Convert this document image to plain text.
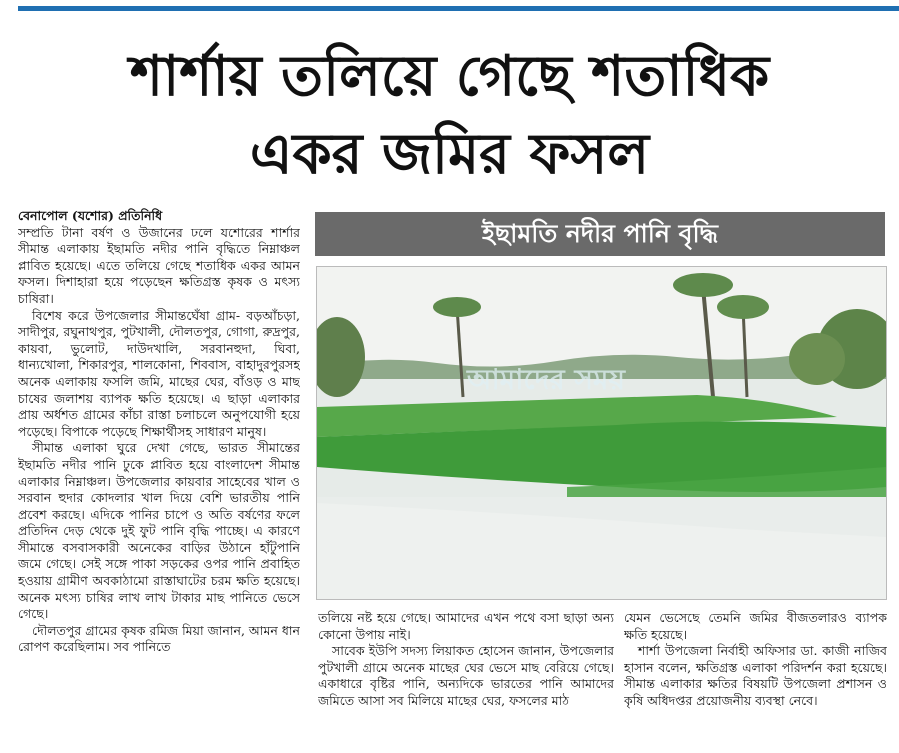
শার্শায় তলিয়ে গেছে শতাধিক
একর জমির ফসল

বেনাপোল (যশোর) প্রতিনিধি

সম্প্রতি টানা বর্ষণ ও উজানের ঢলে যশোরের শার্শার সীমান্ত এলাকায় ইছামতি নদীর পানি বৃদ্ধিতে নিম্নাঞ্চল প্লাবিত হয়েছে। এতে তলিয়ে গেছে শতাধিক একর আমন ফসল। দিশাহারা হয়ে পড়েছেন ক্ষতিগ্রস্ত কৃষক ও মৎস্য চাষিরা।

বিশেষ করে উপজেলার সীমান্তঘেঁষা গ্রাম- বড়আঁচড়া, সাদীপুর, রঘুনাথপুর, পুটখালী, দৌলতপুর, গোগা, রুদ্রপুর, কায়বা, ভুলোট, দাউদখালি, সরবানহুদা, ঘিবা, ধান্যখোলা, শিকারপুর, শালকোনা, শিববাস, বাহাদুরপুরসহ অনেক এলাকায় ফসলি জমি, মাছের ঘের, বাঁওড় ও মাছ চাষের জলাশয় ব্যাপক ক্ষতি হয়েছে। এ ছাড়া এলাকার প্রায় অর্ধশত গ্রামের কাঁচা রাস্তা চলাচলে অনুপযোগী হয়ে পড়েছে। বিপাকে পড়েছে শিক্ষার্থীসহ সাধারণ মানুষ।

সীমান্ত এলাকা ঘুরে দেখা গেছে, ভারত সীমান্তের ইছামতি নদীর পানি ঢুকে প্লাবিত হয়ে বাংলাদেশ সীমান্ত এলাকার নিম্নাঞ্চল। উপজেলার কায়বার সাহেবের খাল ও সরবান হুদার কোদলার খাল দিয়ে বেশি ভারতীয় পানি প্রবেশ করছে। এদিকে পানির চাপে ও অতি বর্ষণের ফলে প্রতিদিন দেড় থেকে দুই ফুট পানি বৃদ্ধি পাচ্ছে। এ কারণে সীমান্তে বসবাসকারী অনেকের বাড়ির উঠানে হাঁটুপানি জমে গেছে। সেই সঙ্গে পাকা সড়কের ওপর পানি প্রবাহিত হওয়ায় গ্রামীণ অবকাঠামো রাস্তাঘাটের চরম ক্ষতি হয়েছে। অনেক মৎস্য চাষির লাখ লাখ টাকার মাছ পানিতে ভেসে গেছে।

দৌলতপুর গ্রামের কৃষক রমিজ মিয়া জানান, আমন ধান রোপণ করেছিলাম। সব পানিতে

ইছামতি নদীর পানি বৃদ্ধি
আমাদের সময়

তলিয়ে নষ্ট হয়ে গেছে। আমাদের এখন পথে বসা ছাড়া অন্য কোনো উপায় নাই।

সাবেক ইউপি সদস্য লিয়াকত হোসেন জানান, উপজেলার পুটখালী গ্রামে অনেক মাছের ঘের ভেসে মাছ বেরিয়ে গেছে। একাধারে বৃষ্টির পানি, অন্যদিকে ভারতের পানি আমাদের জমিতে আসা সব মিলিয়ে মাছের ঘের, ফসলের মাঠ

যেমন ভেসেছে তেমনি জমির বীজতলারও ব্যাপক ক্ষতি হয়েছে।

শার্শা উপজেলা নির্বাহী অফিসার ডা. কাজী নাজিব হাসান বলেন, ক্ষতিগ্রস্ত এলাকা পরিদর্শন করা হয়েছে। সীমান্ত এলাকার ক্ষতির বিষয়টি উপজেলা প্রশাসন ও কৃষি অধিদপ্তর প্রয়োজনীয় ব্যবস্থা নেবে।
